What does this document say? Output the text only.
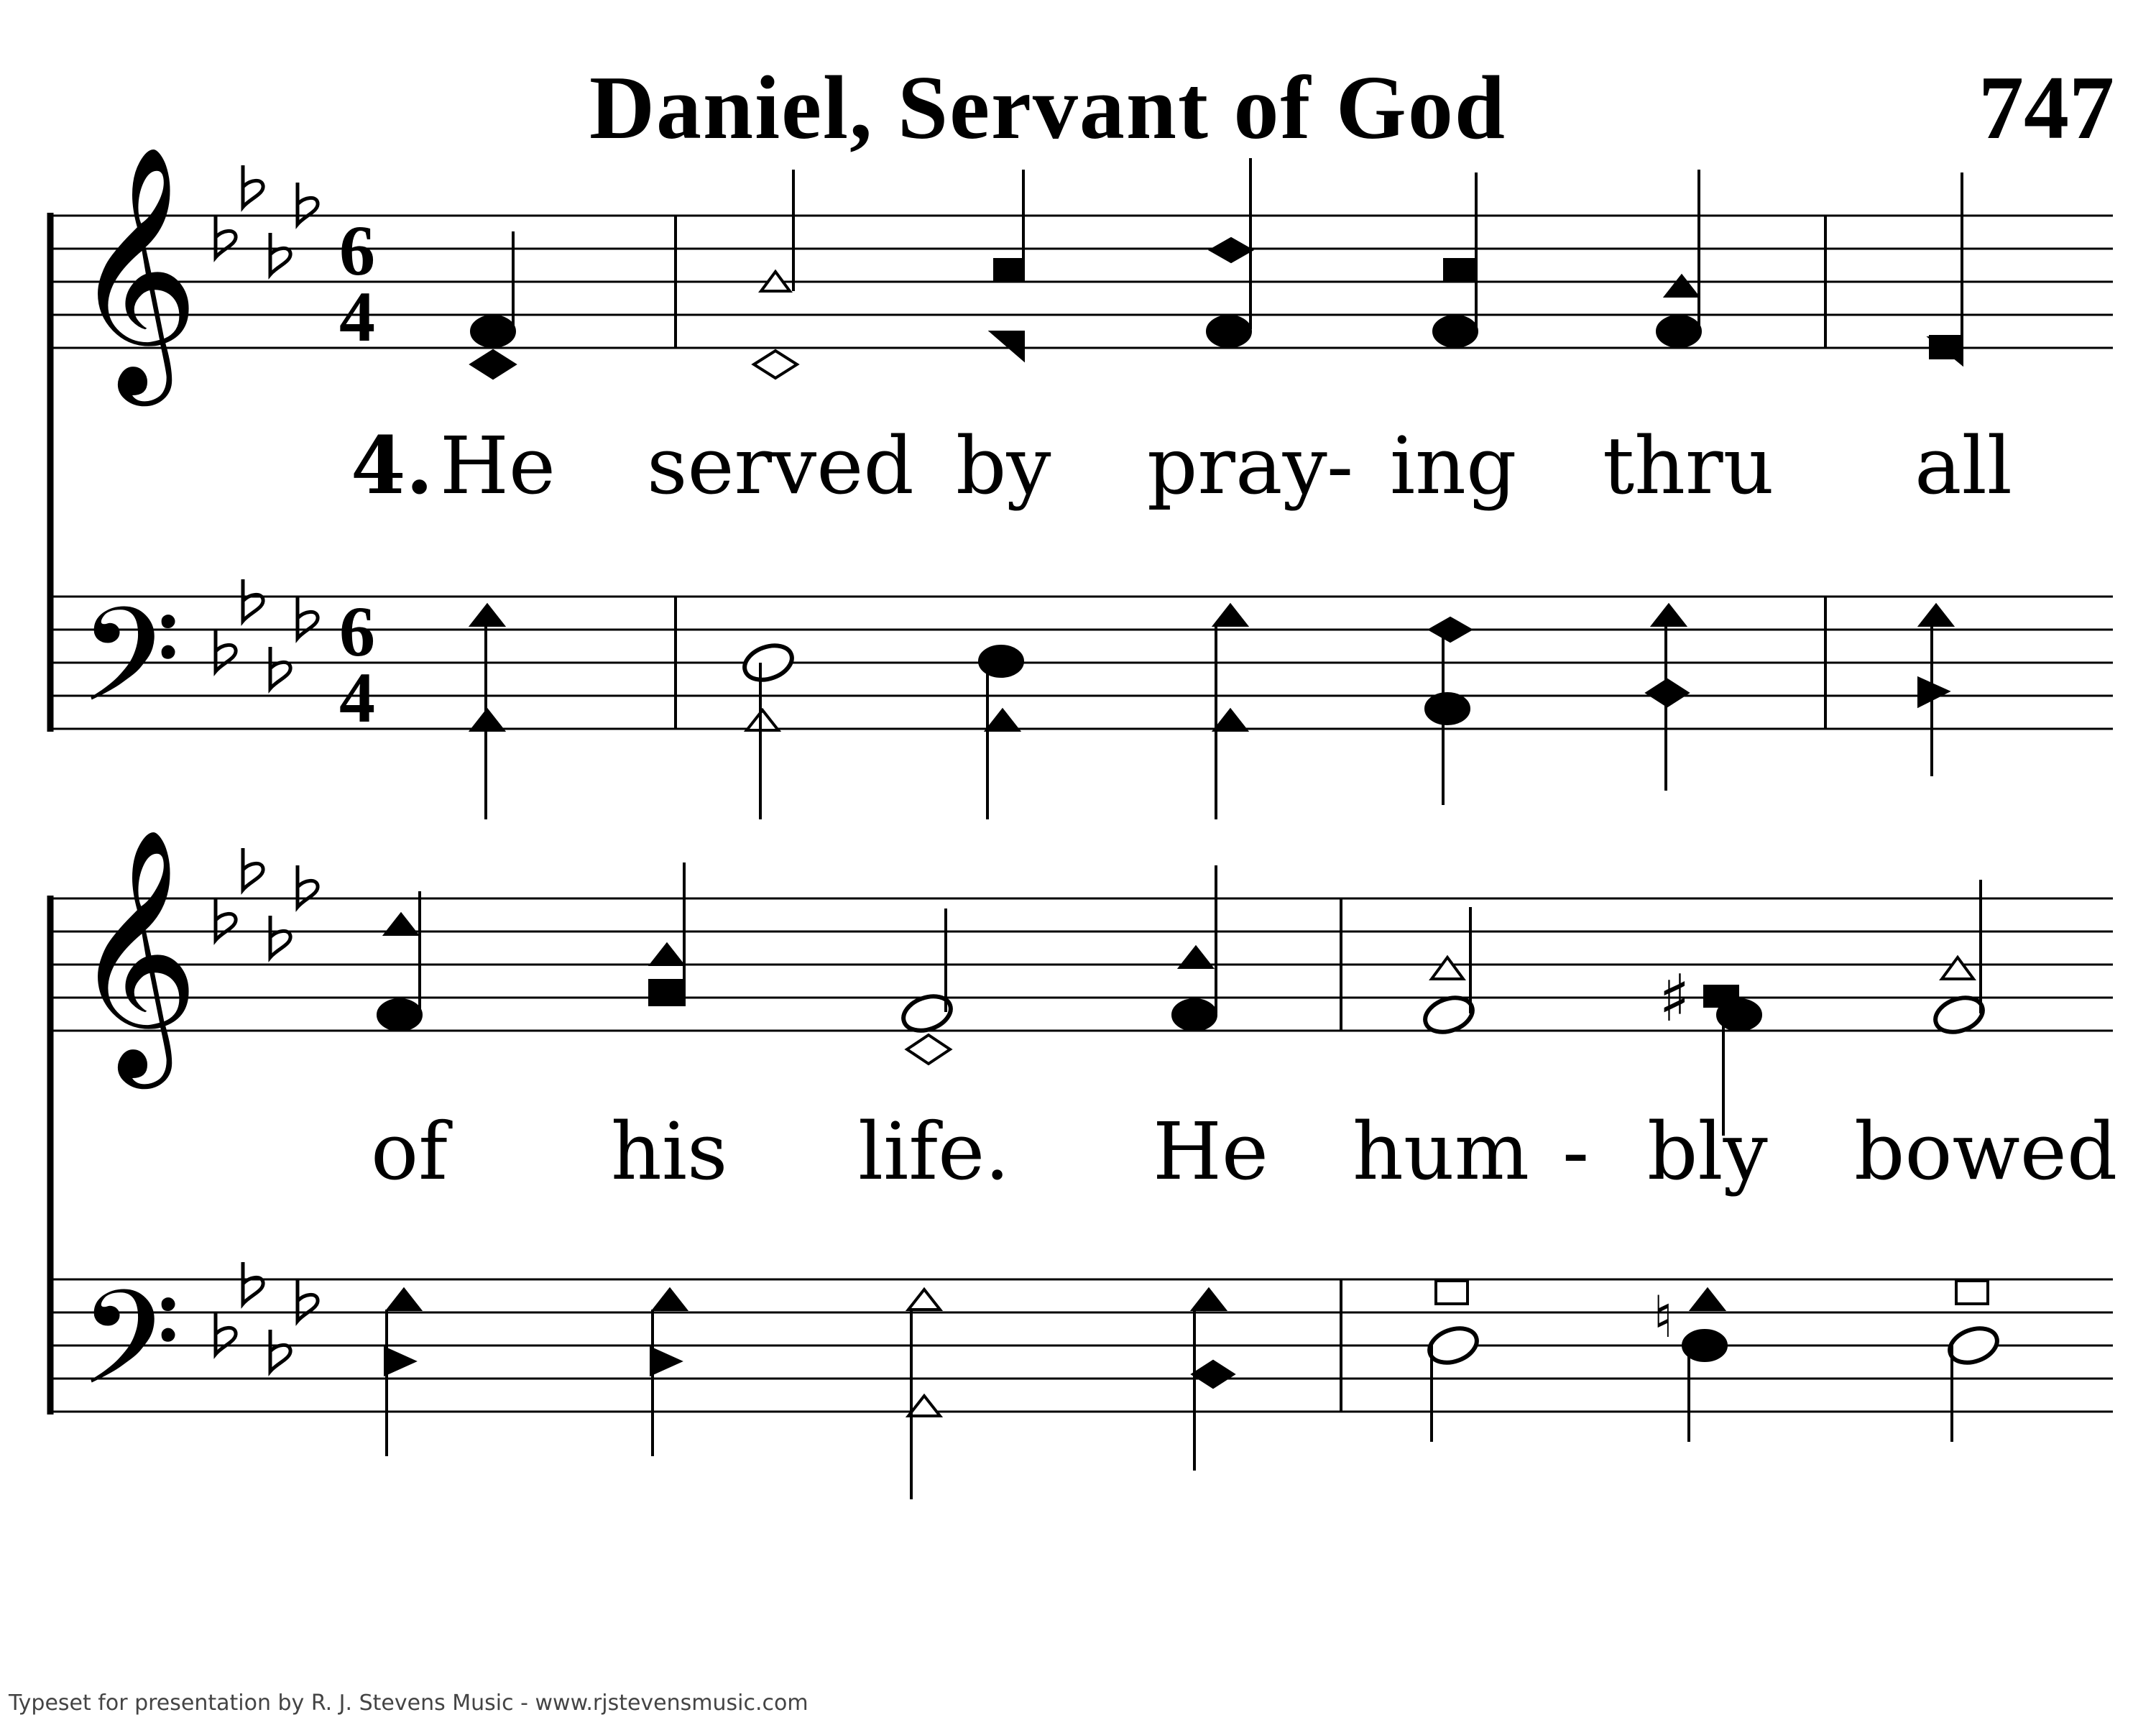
Daniel, Servant of God	747
𝄞
𝄢
6
4
6
4
4. He served by pray - ing thru all
𝄞
𝄢
♯
♮
of his life. He hum - bly bowed
Typeset for presentation by R. J. Stevens Music - www.rjstevensmusic.com
